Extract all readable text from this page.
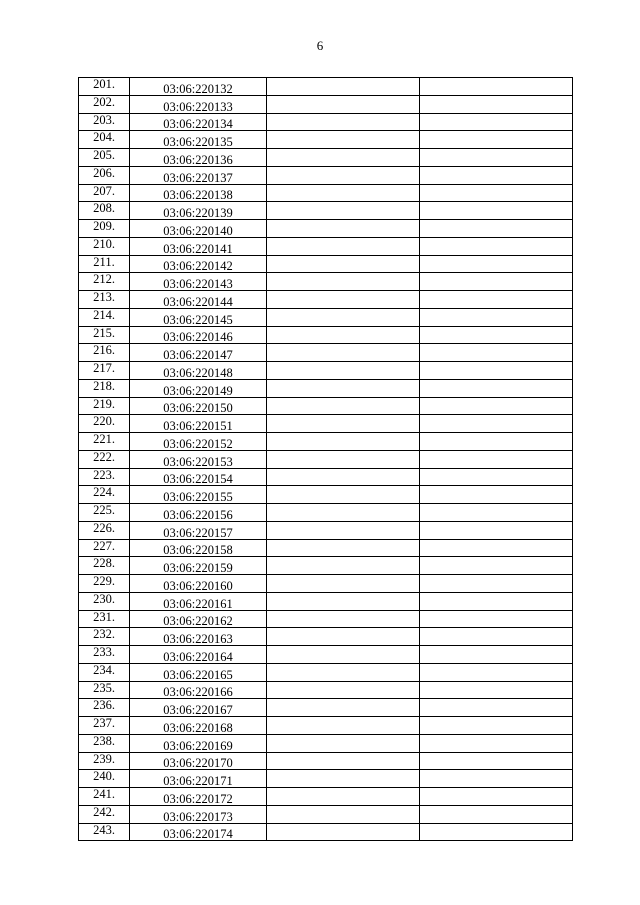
6
201.	03:06:220132		
202.	03:06:220133		
203.	03:06:220134		
204.	03:06:220135		
205.	03:06:220136		
206.	03:06:220137		
207.	03:06:220138		
208.	03:06:220139		
209.	03:06:220140		
210.	03:06:220141		
211.	03:06:220142		
212.	03:06:220143		
213.	03:06:220144		
214.	03:06:220145		
215.	03:06:220146		
216.	03:06:220147		
217.	03:06:220148		
218.	03:06:220149		
219.	03:06:220150		
220.	03:06:220151		
221.	03:06:220152		
222.	03:06:220153		
223.	03:06:220154		
224.	03:06:220155		
225.	03:06:220156		
226.	03:06:220157		
227.	03:06:220158		
228.	03:06:220159		
229.	03:06:220160		
230.	03:06:220161		
231.	03:06:220162		
232.	03:06:220163		
233.	03:06:220164		
234.	03:06:220165		
235.	03:06:220166		
236.	03:06:220167		
237.	03:06:220168		
238.	03:06:220169		
239.	03:06:220170		
240.	03:06:220171		
241.	03:06:220172		
242.	03:06:220173		
243.	03:06:220174		
